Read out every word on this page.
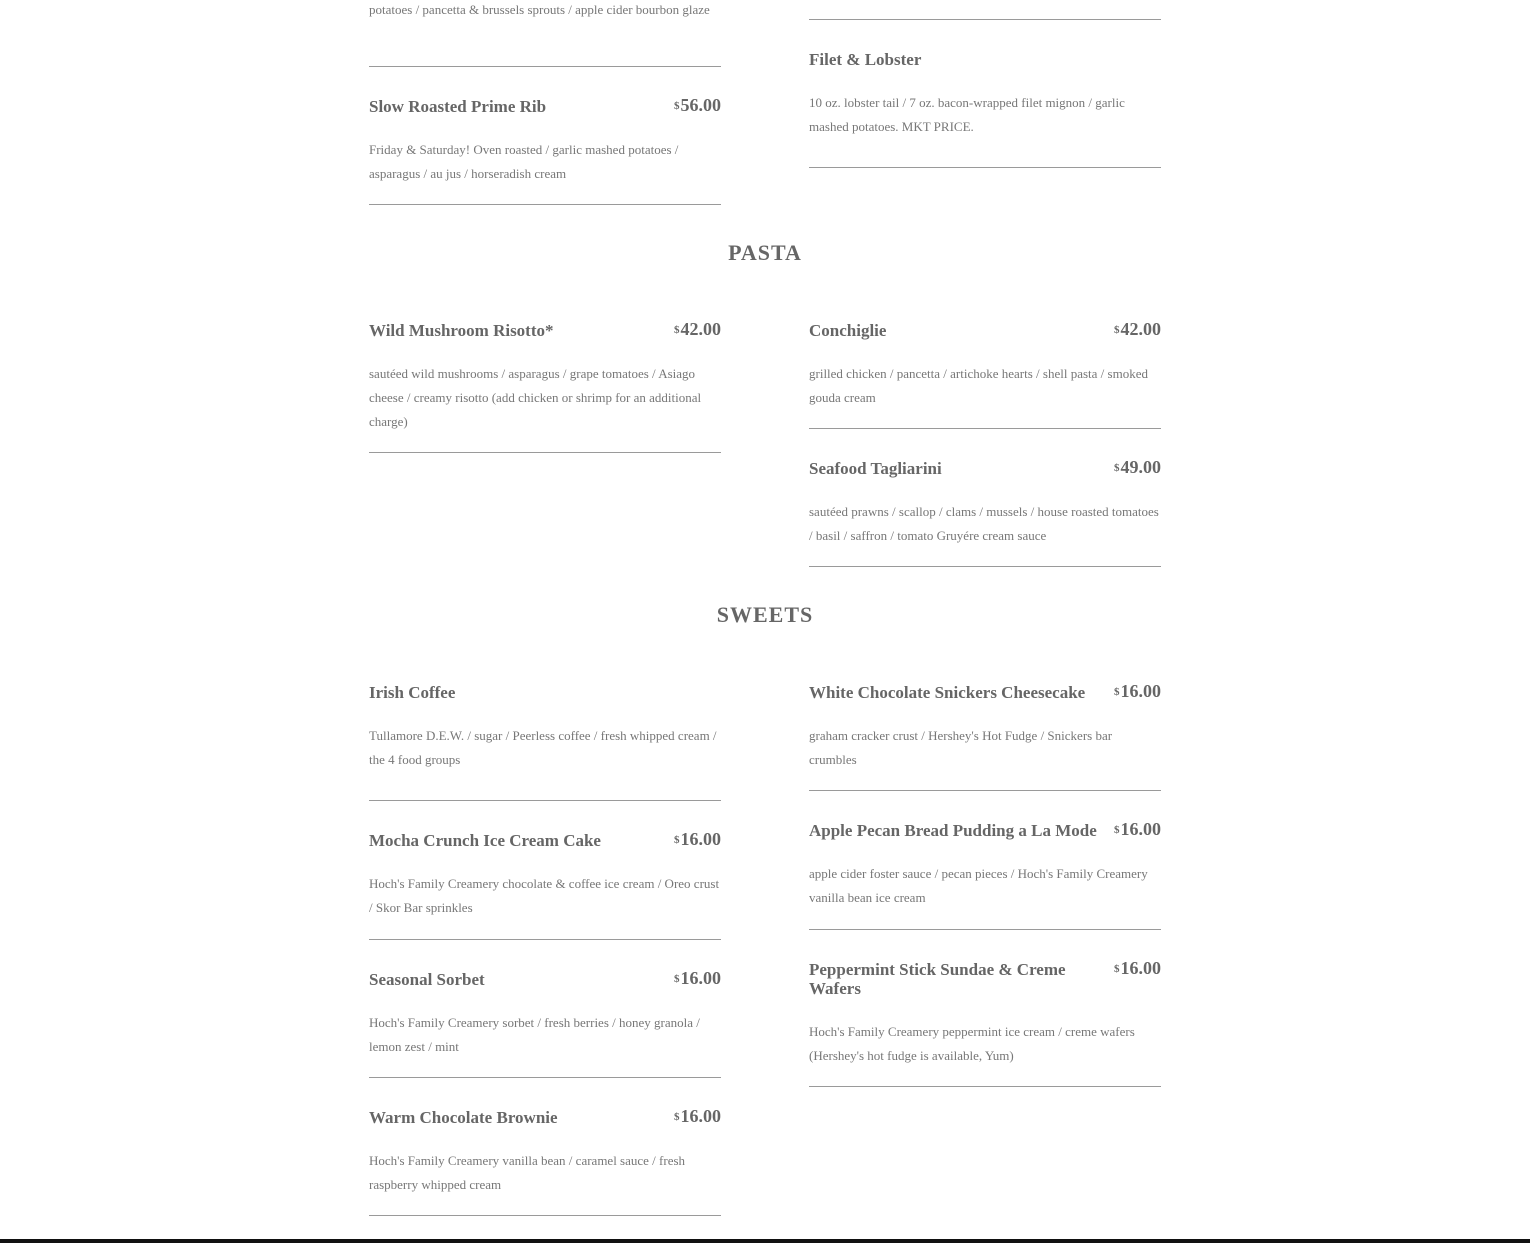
potatoes / pancetta & brussels sprouts / apple cider bourbon glaze
Slow Roasted Prime Rib	$56.00
Friday & Saturday! Oven roasted / garlic mashed potatoes / asparagus / au jus / horseradish cream
Filet & Lobster
10 oz. lobster tail / 7 oz. bacon-wrapped filet mignon / garlic mashed potatoes. MKT PRICE.
PASTA
Wild Mushroom Risotto*	$42.00
sautéed wild mushrooms / asparagus / grape tomatoes / Asiago cheese / creamy risotto (add chicken or shrimp for an additional charge)
Conchiglie	$42.00
grilled chicken / pancetta / artichoke hearts / shell pasta / smoked gouda cream
Seafood Tagliarini	$49.00
sautéed prawns / scallop / clams / mussels / house roasted tomatoes / basil / saffron / tomato Gruyére cream sauce
SWEETS
Irish Coffee
Tullamore D.E.W. / sugar / Peerless coffee / fresh whipped cream / the 4 food groups
Mocha Crunch Ice Cream Cake	$16.00
Hoch's Family Creamery chocolate & coffee ice cream / Oreo crust / Skor Bar sprinkles
Seasonal Sorbet	$16.00
Hoch's Family Creamery sorbet / fresh berries / honey granola / lemon zest / mint
Warm Chocolate Brownie	$16.00
Hoch's Family Creamery vanilla bean / caramel sauce / fresh raspberry whipped cream
White Chocolate Snickers Cheesecake	$16.00
graham cracker crust / Hershey's Hot Fudge / Snickers bar crumbles
Apple Pecan Bread Pudding a La Mode	$16.00
apple cider foster sauce / pecan pieces / Hoch's Family Creamery vanilla bean ice cream
Peppermint Stick Sundae & Creme Wafers
$16.00
Hoch's Family Creamery peppermint ice cream / creme wafers (Hershey's hot fudge is available, Yum)
